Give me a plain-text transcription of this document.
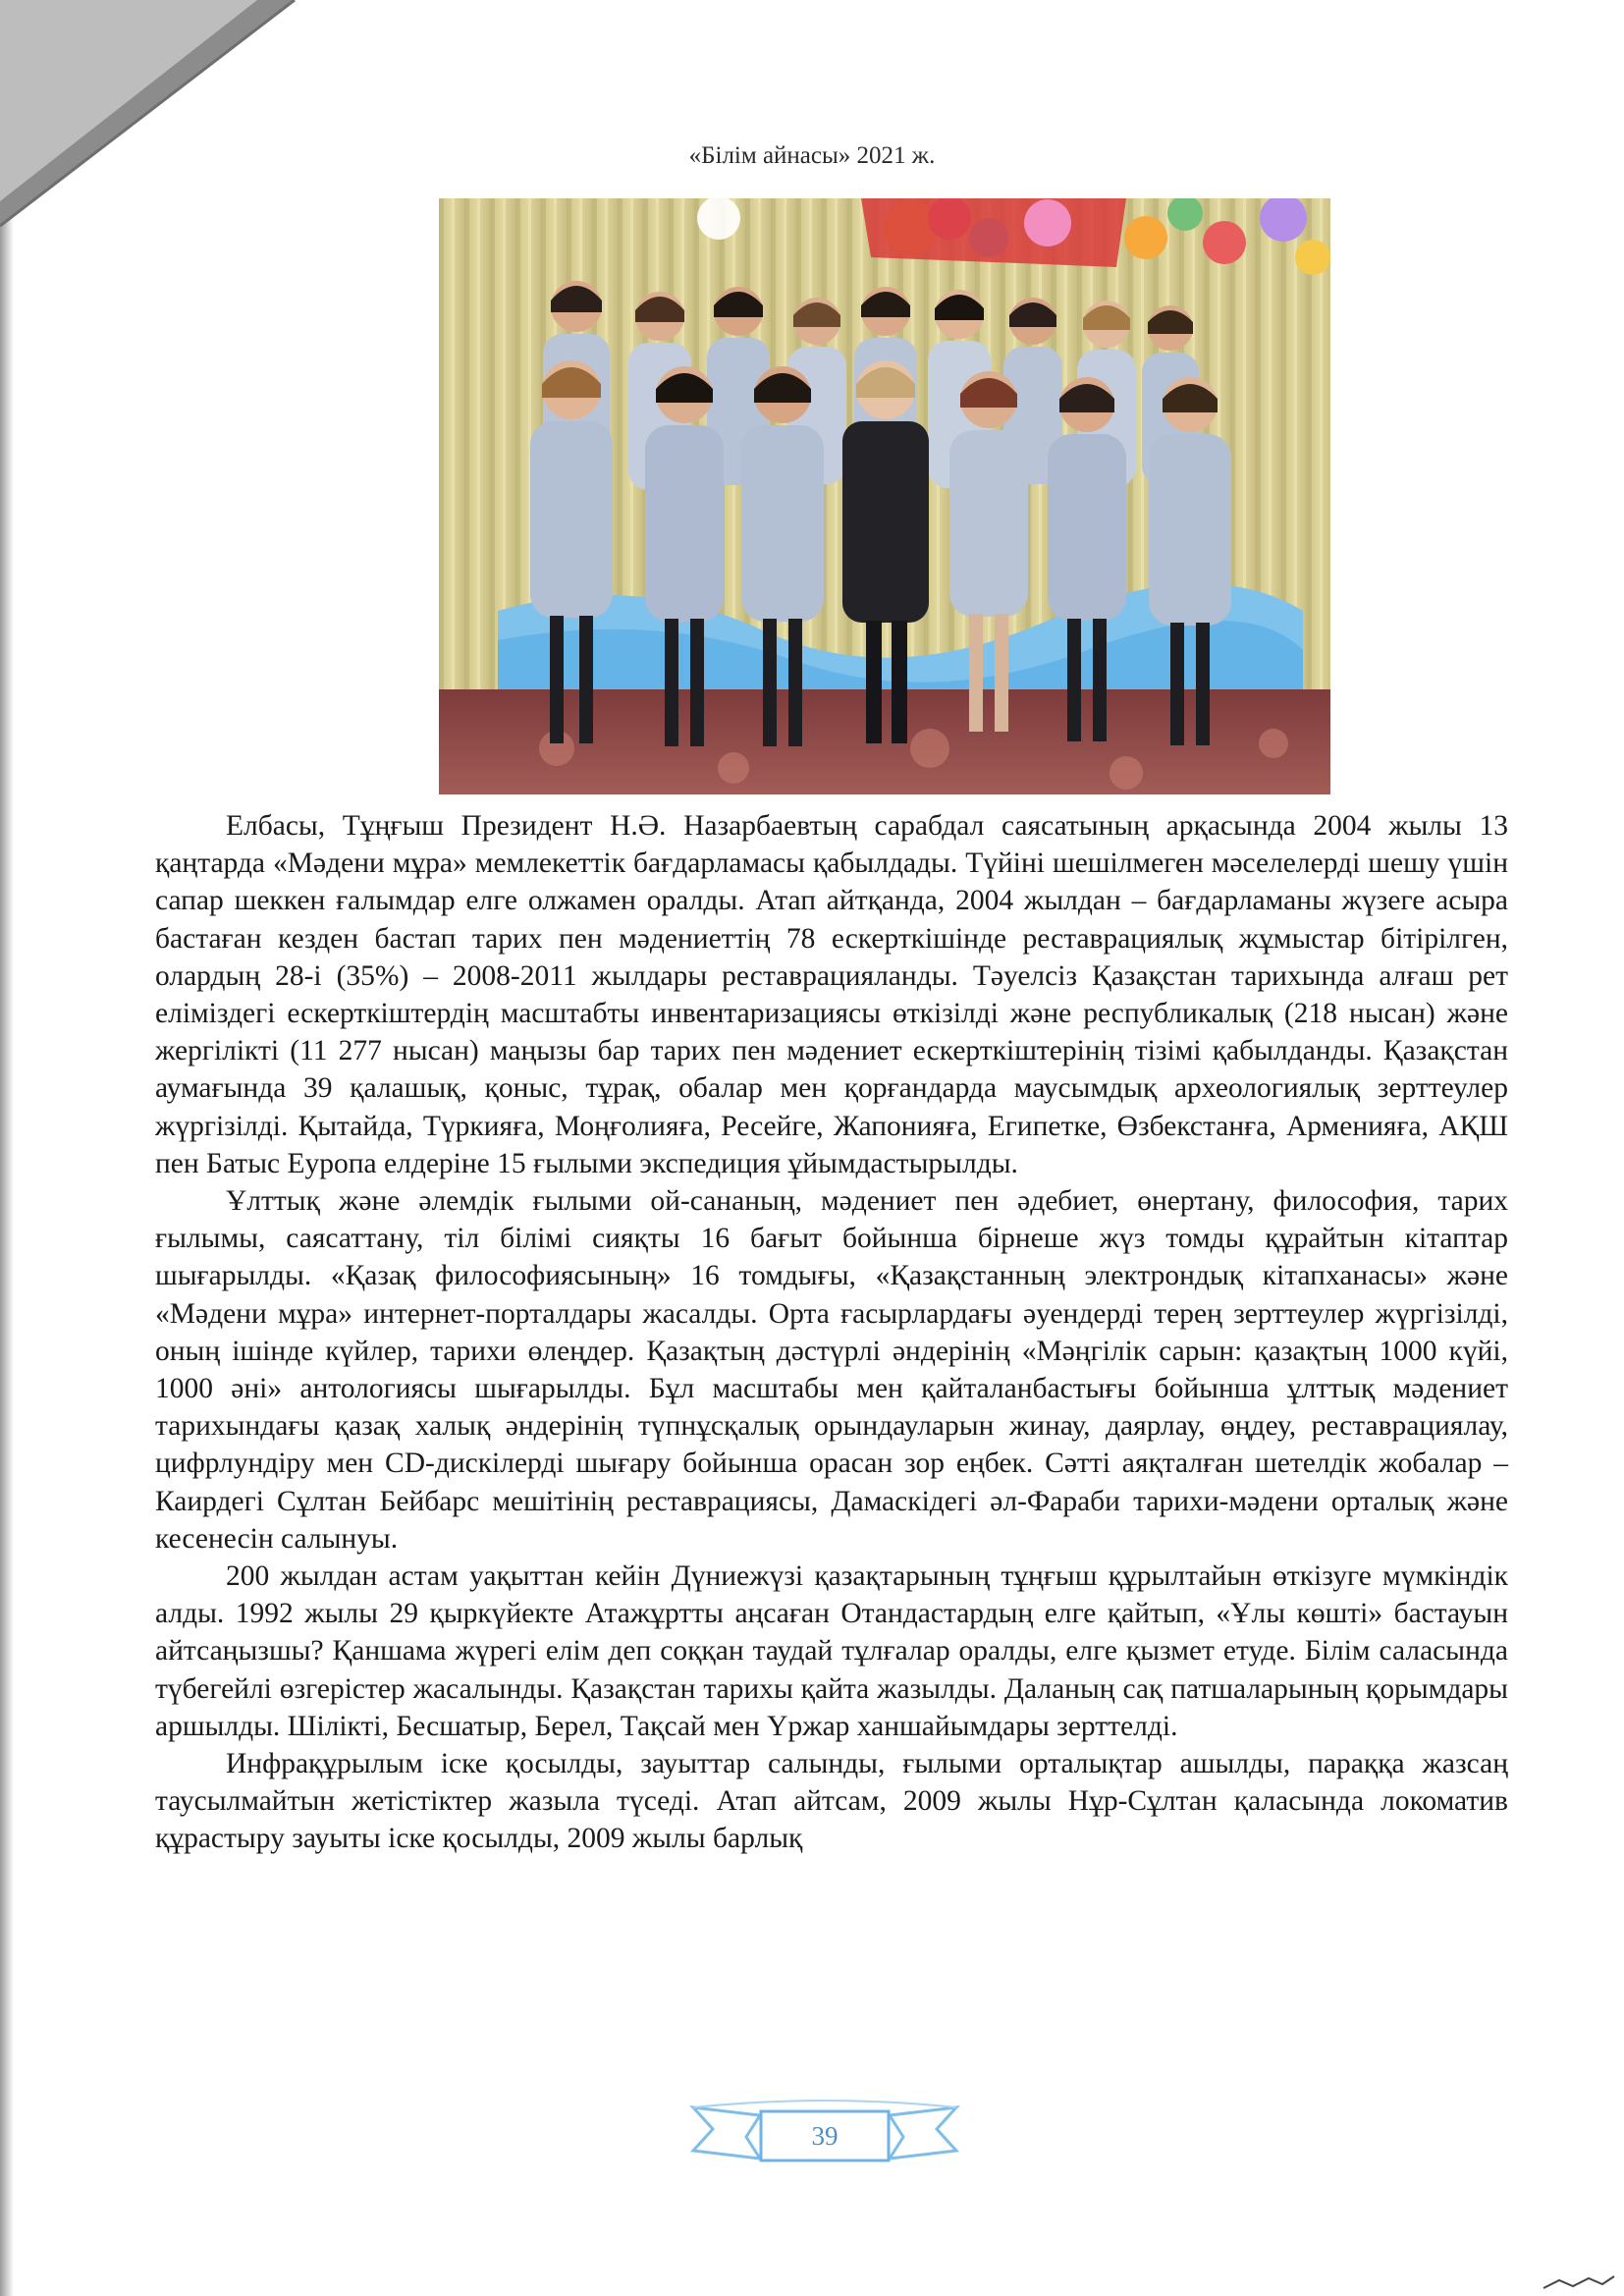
«Білім айнасы» 2021 ж.

Елбасы, Тұңғыш Президент Н.Ә. Назарбаевтың сарабдал саясатының арқасында 2004 жылы 13 қаңтарда «Мәдени мұра» мемлекеттік бағдарламасы қабылдады. Түйіні шешілмеген мәселелерді шешу үшін сапар шеккен ғалымдар елге олжамен оралды. Атап айтқанда, 2004 жылдан – бағдарламаны жүзеге асыра бастаған кезден бастап тарих пен мәдениеттің 78 ескерткішінде реставрациялық жұмыстар бітірілген, олардың 28-і (35%) – 2008-2011 жылдары реставрацияланды. Тәуелсіз Қазақстан тарихында алғаш рет еліміздегі ескерткіштердің масштабты инвентаризациясы өткізілді және республикалық (218 нысан) және жергілікті (11 277 нысан) маңызы бар тарих пен мәдениет ескерткіштерінің тізімі қабылданды. Қазақстан аумағында 39 қалашық, қоныс, тұрақ, обалар мен қорғандарда маусымдық археологиялық зерттеулер жүргізілді. Қытайда, Түркияға, Моңғолияға, Ресейге, Жапонияға, Египетке, Өзбекстанға, Арменияға, АҚШ пен Батыс Еуропа елдеріне 15 ғылыми экспедиция ұйымдастырылды.

Ұлттық және әлемдік ғылыми ой-сананың, мәдениет пен әдебиет, өнертану, философия, тарих ғылымы, саясаттану, тіл білімі сияқты 16 бағыт бойынша бірнеше жүз томды құрайтын кітаптар шығарылды. «Қазақ философиясының» 16 томдығы, «Қазақстанның электрондық кітапханасы» және «Мәдени мұра» интернет-порталдары жасалды. Орта ғасырлардағы әуендерді терең зерттеулер жүргізілді, оның ішінде күйлер, тарихи өлеңдер. Қазақтың дәстүрлі әндерінің «Мәңгілік сарын: қазақтың 1000 күйі, 1000 әні» антологиясы шығарылды. Бұл масштабы мен қайталанбастығы бойынша ұлттық мәдениет тарихындағы қазақ халық әндерінің түпнұсқалық орындауларын жинау, даярлау, өңдеу, реставрациялау, цифрлундіру мен CD-дискілерді шығару бойынша орасан зор еңбек. Сәтті аяқталған шетелдік жобалар – Каирдегі Сұлтан Бейбарс мешітінің реставрациясы, Дамаскідегі әл-Фараби тарихи-мәдени орталық және кесенесін салынуы.

200 жылдан астам уақыттан кейін Дүниежүзі қазақтарының тұңғыш құрылтайын өткізуге мүмкіндік алды. 1992 жылы 29 қыркүйекте Атажұртты аңсаған Отандастардың елге қайтып, «Ұлы көшті» бастауын айтсаңызшы? Қаншама жүрегі елім деп соққан таудай тұлғалар оралды, елге қызмет етуде. Білім саласында түбегейлі өзгерістер жасалынды. Қазақстан тарихы қайта жазылды. Даланың сақ патшаларының қорымдары аршылды. Шілікті, Бесшатыр, Берел, Тақсай мен Үржар ханшайымдары зерттелді.

Инфрақұрылым іске қосылды, зауыттар салынды, ғылыми орталықтар ашылды, параққа жазсаң таусылмайтын жетістіктер жазыла түседі. Атап айтсам, 2009 жылы Нұр-Сұлтан қаласында локоматив құрастыру зауыты іске қосылды, 2009 жылы барлық

39
